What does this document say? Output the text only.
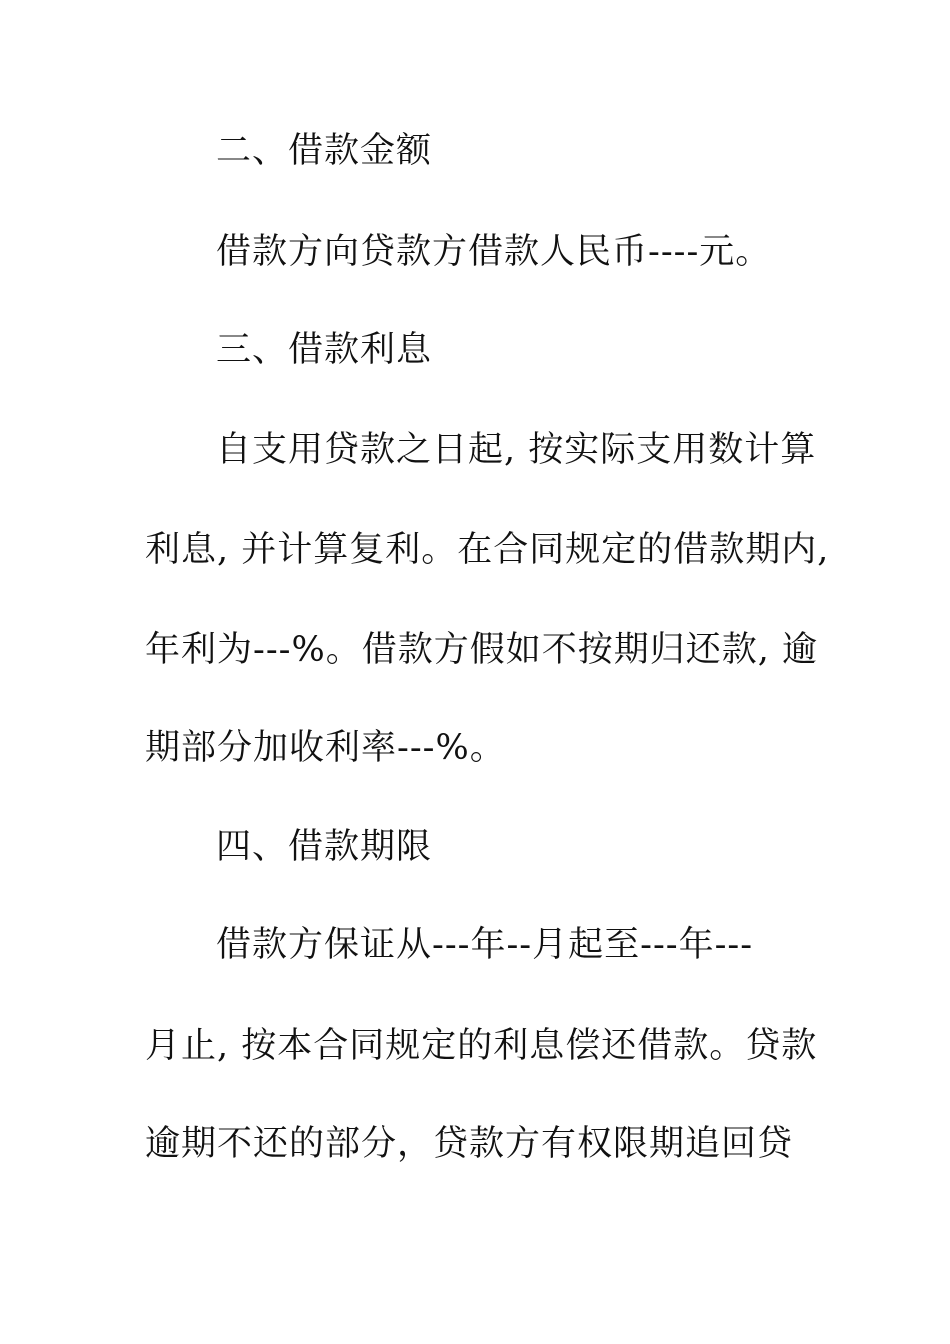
二、借款金额
借款方向贷款方借款人民币----元。
三、借款利息
自支用贷款之日起, 按实际支用数计算
利息, 并计算复利。在合同规定的借款期内,
年利为---%。借款方假如不按期归还款, 逾
期部分加收利率---%。
四、借款期限
借款方保证从---年--月起至---年---
月止, 按本合同规定的利息偿还借款。贷款
逾期不还的部分，贷款方有权限期追回贷
